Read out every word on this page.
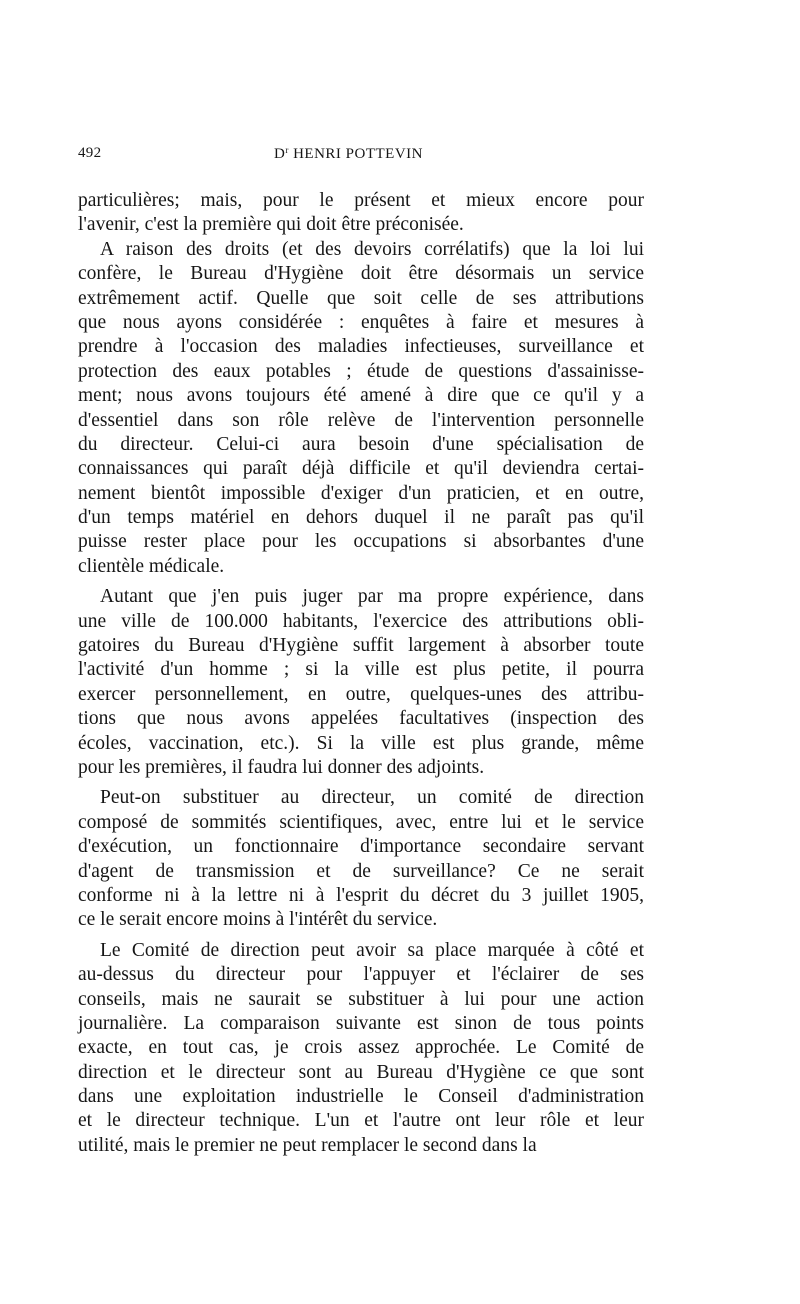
492	$D^r$ HENRI POTTEVIN
particulières; mais, pour le présent et mieux encore pour
l'avenir, c'est la première qui doit être préconisée.
A raison des droits (et des devoirs corrélatifs) que la loi lui
confère, le Bureau d'Hygiène doit être désormais un service
extrêmement actif. Quelle que soit celle de ses attributions
que nous ayons considérée : enquêtes à faire et mesures à
prendre à l'occasion des maladies infectieuses, surveillance et
protection des eaux potables ; étude de questions d'assainisse-
ment; nous avons toujours été amené à dire que ce qu'il y a
d'essentiel dans son rôle relève de l'intervention personnelle
du directeur. Celui-ci aura besoin d'une spécialisation de
connaissances qui paraît déjà difficile et qu'il deviendra certai-
nement bientôt impossible d'exiger d'un praticien, et en outre,
d'un temps matériel en dehors duquel il ne paraît pas qu'il
puisse rester place pour les occupations si absorbantes d'une
clientèle médicale.
Autant que j'en puis juger par ma propre expérience, dans
une ville de 100.000 habitants, l'exercice des attributions obli-
gatoires du Bureau d'Hygiène suffit largement à absorber toute
l'activité d'un homme ; si la ville est plus petite, il pourra
exercer personnellement, en outre, quelques-unes des attribu-
tions que nous avons appelées facultatives (inspection des
écoles, vaccination, etc.). Si la ville est plus grande, même
pour les premières, il faudra lui donner des adjoints.
Peut-on substituer au directeur, un comité de direction
composé de sommités scientifiques, avec, entre lui et le service
d'exécution, un fonctionnaire d'importance secondaire servant
d'agent de transmission et de surveillance? Ce ne serait
conforme ni à la lettre ni à l'esprit du décret du 3 juillet 1905,
ce le serait encore moins à l'intérêt du service.
Le Comité de direction peut avoir sa place marquée à côté et
au-dessus du directeur pour l'appuyer et l'éclairer de ses
conseils, mais ne saurait se substituer à lui pour une action
journalière. La comparaison suivante est sinon de tous points
exacte, en tout cas, je crois assez approchée. Le Comité de
direction et le directeur sont au Bureau d'Hygiène ce que sont
dans une exploitation industrielle le Conseil d'administration
et le directeur technique. L'un et l'autre ont leur rôle et leur
utilité, mais le premier ne peut remplacer le second dans la
